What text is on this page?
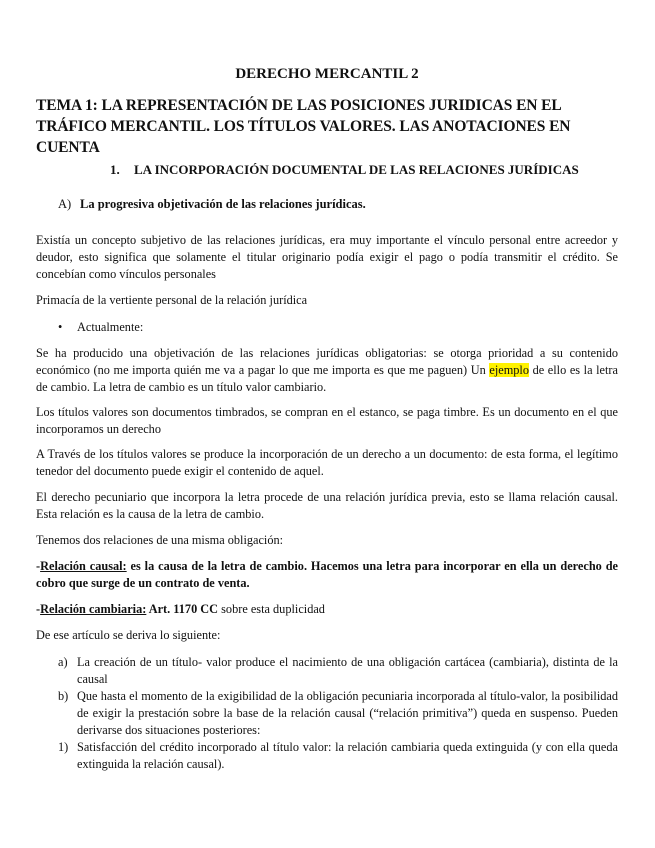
DERECHO MERCANTIL 2
TEMA 1: LA REPRESENTACIÓN DE LAS POSICIONES JURIDICAS EN EL TRÁFICO MERCANTIL. LOS TÍTULOS VALORES. LAS ANOTACIONES EN CUENTA
1. LA INCORPORACIÓN DOCUMENTAL DE LAS RELACIONES JURÍDICAS
A) La progresiva objetivación de las relaciones jurídicas.
Existía un concepto subjetivo de las relaciones jurídicas, era muy importante el vínculo personal entre acreedor y deudor, esto significa que solamente el titular originario podía exigir el pago o podía transmitir el crédito. Se concebían como vínculos personales
Primacía de la vertiente personal de la relación jurídica
• Actualmente:
Se ha producido una objetivación de las relaciones jurídicas obligatorias: se otorga prioridad a su contenido económico (no me importa quién me va a pagar lo que me importa es que me paguen) Un ejemplo de ello es la letra de cambio. La letra de cambio es un título valor cambiario.
Los títulos valores son documentos timbrados, se compran en el estanco, se paga timbre. Es un documento en el que incorporamos un derecho
A Través de los títulos valores se produce la incorporación de un derecho a un documento: de esta forma, el legítimo tenedor del documento puede exigir el contenido de aquel.
El derecho pecuniario que incorpora la letra procede de una relación jurídica previa, esto se llama relación causal. Esta relación es la causa de la letra de cambio.
Tenemos dos relaciones de una misma obligación:
-Relación causal: es la causa de la letra de cambio. Hacemos una letra para incorporar en ella un derecho de cobro que surge de un contrato de venta.
-Relación cambiaria: Art. 1170 CC sobre esta duplicidad
De ese artículo se deriva lo siguiente:
a) La creación de un título- valor produce el nacimiento de una obligación cartácea (cambiaria), distinta de la causal
b) Que hasta el momento de la exigibilidad de la obligación pecuniaria incorporada al título-valor, la posibilidad de exigir la prestación sobre la base de la relación causal (“relación primitiva”) queda en suspenso. Pueden derivarse dos situaciones posteriores:
1) Satisfacción del crédito incorporado al título valor: la relación cambiaria queda extinguida (y con ella queda extinguida la relación causal).
